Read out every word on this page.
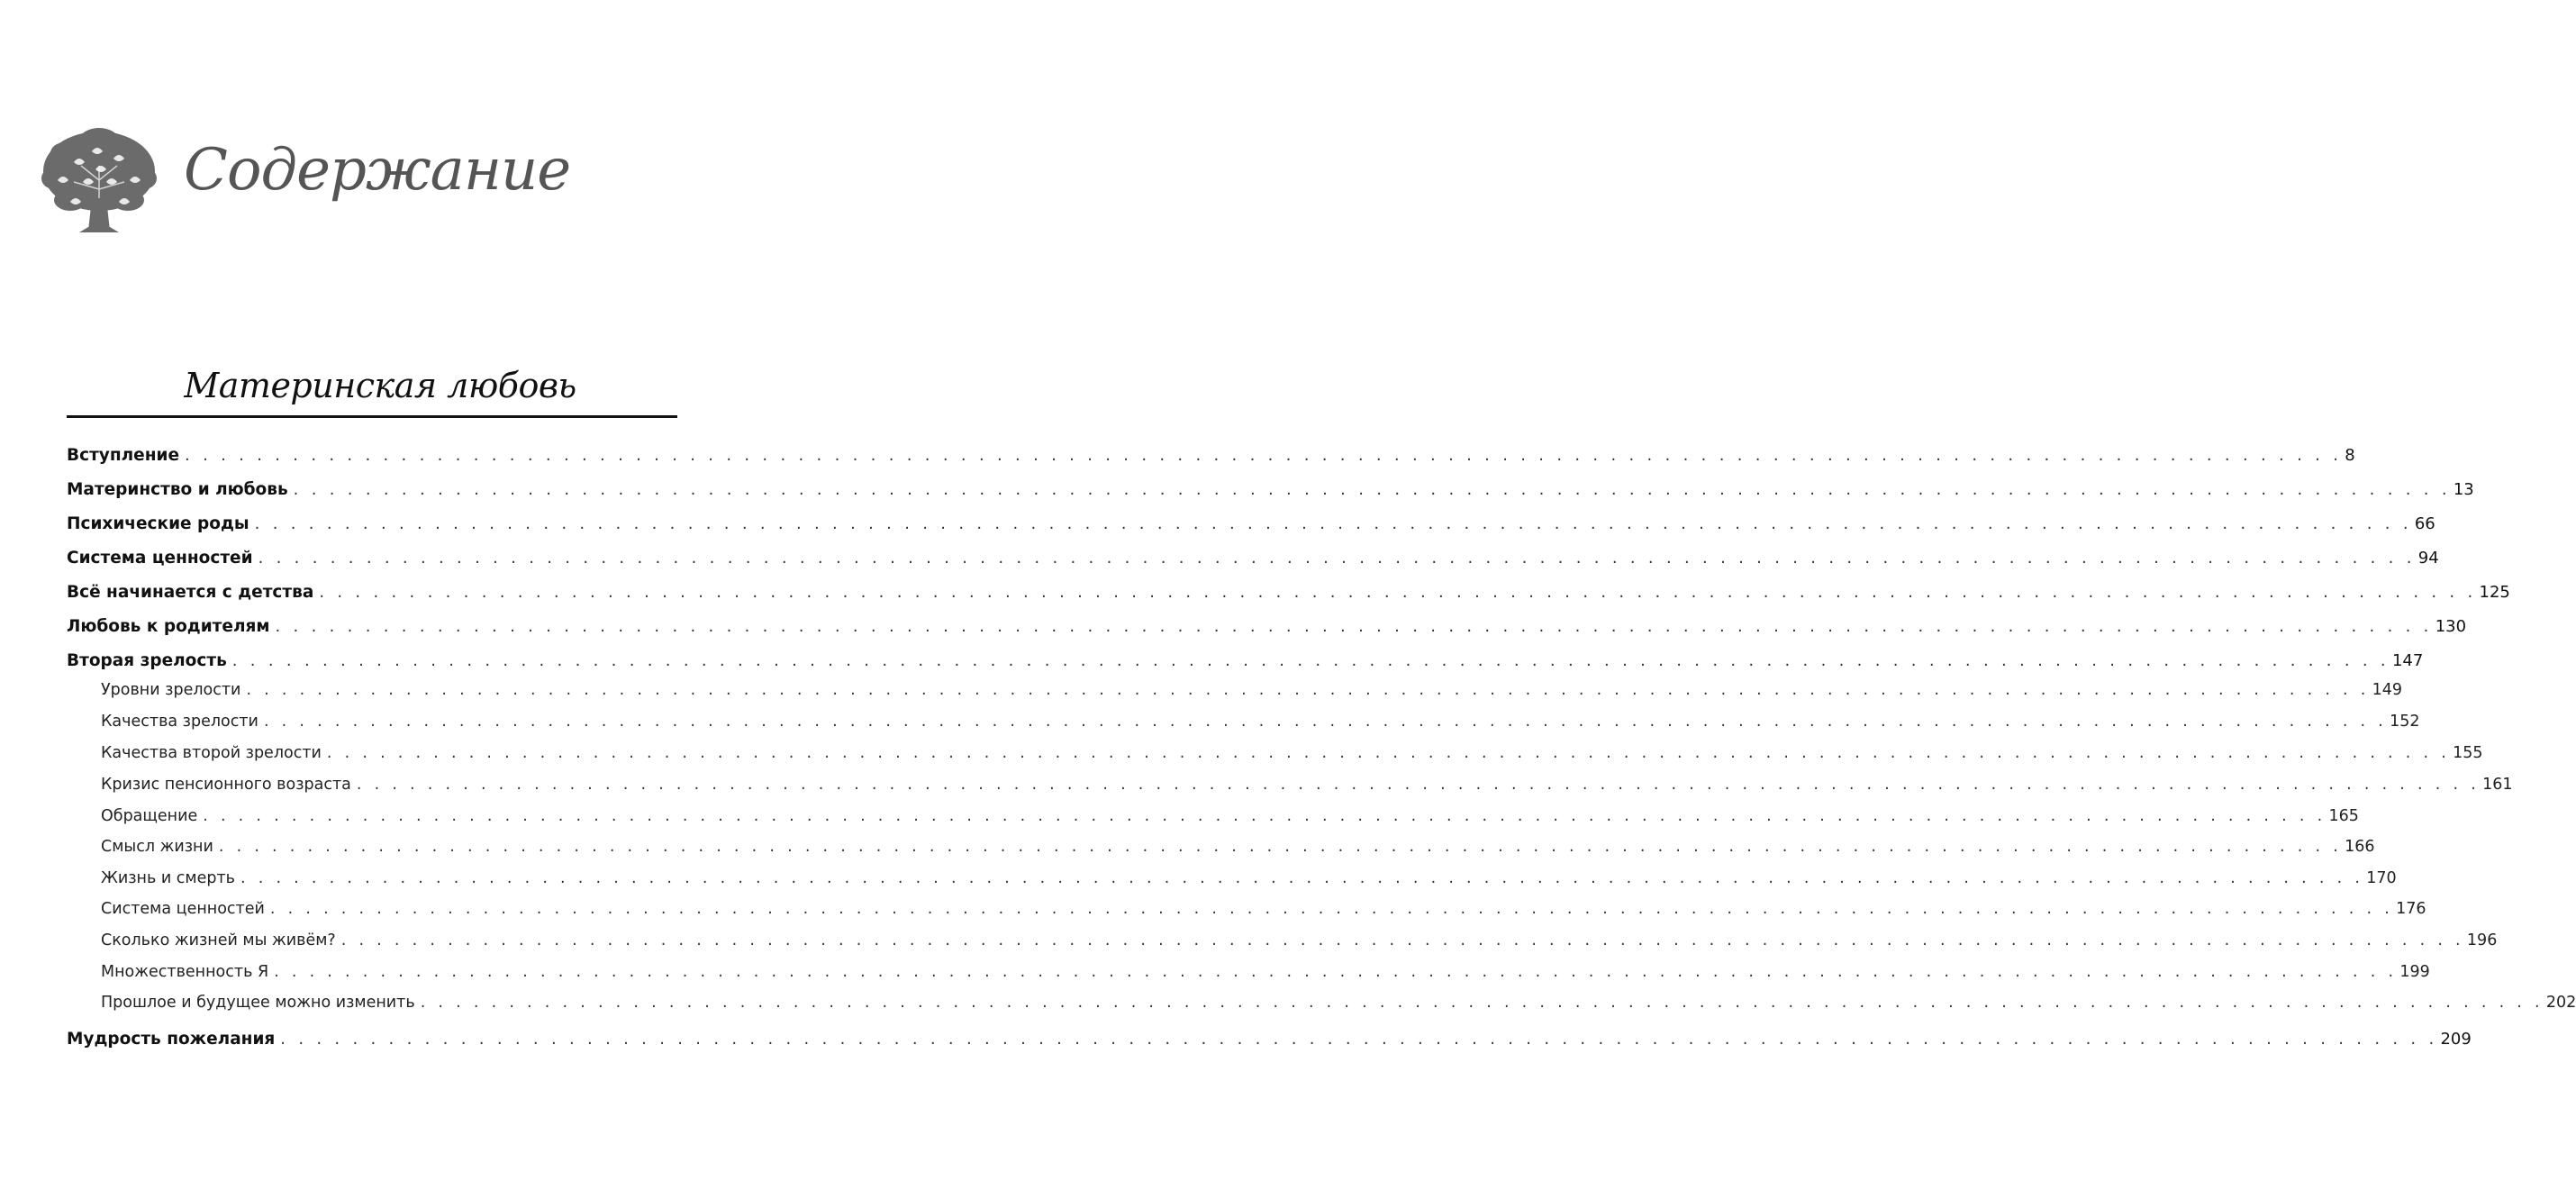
Содержание
Материнская любовь
Вступление . . . . . . . . . . . . . . . . . . . . . . . . . . . . . . . . . . . . . . . . . . . . . . . . . . . . . . . . . . . . . . . . . . . . . . . . . . . . . . . . . . . . . . . . . . . . . . . . . . . . . . . . . . . . . . . . . . . . . . . . 8
Материнство и любовь . . . . . . . . . . . . . . . . . . . . . . . . . . . . . . . . . . . . . . . . . . . . . . . . . . . . . . . . . . . . . . . . . . . . . . . . . . . . . . . . . . . . . . . . . . . . . . . . . . . . . . . . . . . . . . . . . . . . . . . . 13
Психические роды . . . . . . . . . . . . . . . . . . . . . . . . . . . . . . . . . . . . . . . . . . . . . . . . . . . . . . . . . . . . . . . . . . . . . . . . . . . . . . . . . . . . . . . . . . . . . . . . . . . . . . . . . . . . . . . . . . . . . . . . 66
Система ценностей . . . . . . . . . . . . . . . . . . . . . . . . . . . . . . . . . . . . . . . . . . . . . . . . . . . . . . . . . . . . . . . . . . . . . . . . . . . . . . . . . . . . . . . . . . . . . . . . . . . . . . . . . . . . . . . . . . . . . . . . 94
Всё начинается с детства . . . . . . . . . . . . . . . . . . . . . . . . . . . . . . . . . . . . . . . . . . . . . . . . . . . . . . . . . . . . . . . . . . . . . . . . . . . . . . . . . . . . . . . . . . . . . . . . . . . . . . . . . . . . . . . . . . . . . . . . 125
Любовь к родителям . . . . . . . . . . . . . . . . . . . . . . . . . . . . . . . . . . . . . . . . . . . . . . . . . . . . . . . . . . . . . . . . . . . . . . . . . . . . . . . . . . . . . . . . . . . . . . . . . . . . . . . . . . . . . . . . . . . . . . . . 130
Вторая зрелость . . . . . . . . . . . . . . . . . . . . . . . . . . . . . . . . . . . . . . . . . . . . . . . . . . . . . . . . . . . . . . . . . . . . . . . . . . . . . . . . . . . . . . . . . . . . . . . . . . . . . . . . . . . . . . . . . . . . . . . . 147
Уровни зрелости . . . . . . . . . . . . . . . . . . . . . . . . . . . . . . . . . . . . . . . . . . . . . . . . . . . . . . . . . . . . . . . . . . . . . . . . . . . . . . . . . . . . . . . . . . . . . . . . . . . . . . . . . . . . . . . . . . . . . . . . 149
Качества зрелости . . . . . . . . . . . . . . . . . . . . . . . . . . . . . . . . . . . . . . . . . . . . . . . . . . . . . . . . . . . . . . . . . . . . . . . . . . . . . . . . . . . . . . . . . . . . . . . . . . . . . . . . . . . . . . . . . . . . . . . . 152
Качества второй зрелости . . . . . . . . . . . . . . . . . . . . . . . . . . . . . . . . . . . . . . . . . . . . . . . . . . . . . . . . . . . . . . . . . . . . . . . . . . . . . . . . . . . . . . . . . . . . . . . . . . . . . . . . . . . . . . . . . . . . . . . . 155
Кризис пенсионного возраста . . . . . . . . . . . . . . . . . . . . . . . . . . . . . . . . . . . . . . . . . . . . . . . . . . . . . . . . . . . . . . . . . . . . . . . . . . . . . . . . . . . . . . . . . . . . . . . . . . . . . . . . . . . . . . . . . . . . . . . . 161
Обращение . . . . . . . . . . . . . . . . . . . . . . . . . . . . . . . . . . . . . . . . . . . . . . . . . . . . . . . . . . . . . . . . . . . . . . . . . . . . . . . . . . . . . . . . . . . . . . . . . . . . . . . . . . . . . . . . . . . . . . . . 165
Смысл жизни . . . . . . . . . . . . . . . . . . . . . . . . . . . . . . . . . . . . . . . . . . . . . . . . . . . . . . . . . . . . . . . . . . . . . . . . . . . . . . . . . . . . . . . . . . . . . . . . . . . . . . . . . . . . . . . . . . . . . . . . 166
Жизнь и смерть . . . . . . . . . . . . . . . . . . . . . . . . . . . . . . . . . . . . . . . . . . . . . . . . . . . . . . . . . . . . . . . . . . . . . . . . . . . . . . . . . . . . . . . . . . . . . . . . . . . . . . . . . . . . . . . . . . . . . . . . 170
Система ценностей . . . . . . . . . . . . . . . . . . . . . . . . . . . . . . . . . . . . . . . . . . . . . . . . . . . . . . . . . . . . . . . . . . . . . . . . . . . . . . . . . . . . . . . . . . . . . . . . . . . . . . . . . . . . . . . . . . . . . . . . 176
Сколько жизней мы живём? . . . . . . . . . . . . . . . . . . . . . . . . . . . . . . . . . . . . . . . . . . . . . . . . . . . . . . . . . . . . . . . . . . . . . . . . . . . . . . . . . . . . . . . . . . . . . . . . . . . . . . . . . . . . . . . . . . . . . . . . 196
Множественность Я . . . . . . . . . . . . . . . . . . . . . . . . . . . . . . . . . . . . . . . . . . . . . . . . . . . . . . . . . . . . . . . . . . . . . . . . . . . . . . . . . . . . . . . . . . . . . . . . . . . . . . . . . . . . . . . . . . . . . . . . 199
Прошлое и будущее можно изменить . . . . . . . . . . . . . . . . . . . . . . . . . . . . . . . . . . . . . . . . . . . . . . . . . . . . . . . . . . . . . . . . . . . . . . . . . . . . . . . . . . . . . . . . . . . . . . . . . . . . . . . . . . . . . . . . . . . . . . . . 202
Мудрость пожелания . . . . . . . . . . . . . . . . . . . . . . . . . . . . . . . . . . . . . . . . . . . . . . . . . . . . . . . . . . . . . . . . . . . . . . . . . . . . . . . . . . . . . . . . . . . . . . . . . . . . . . . . . . . . . . . . . . . . . . . . 209
